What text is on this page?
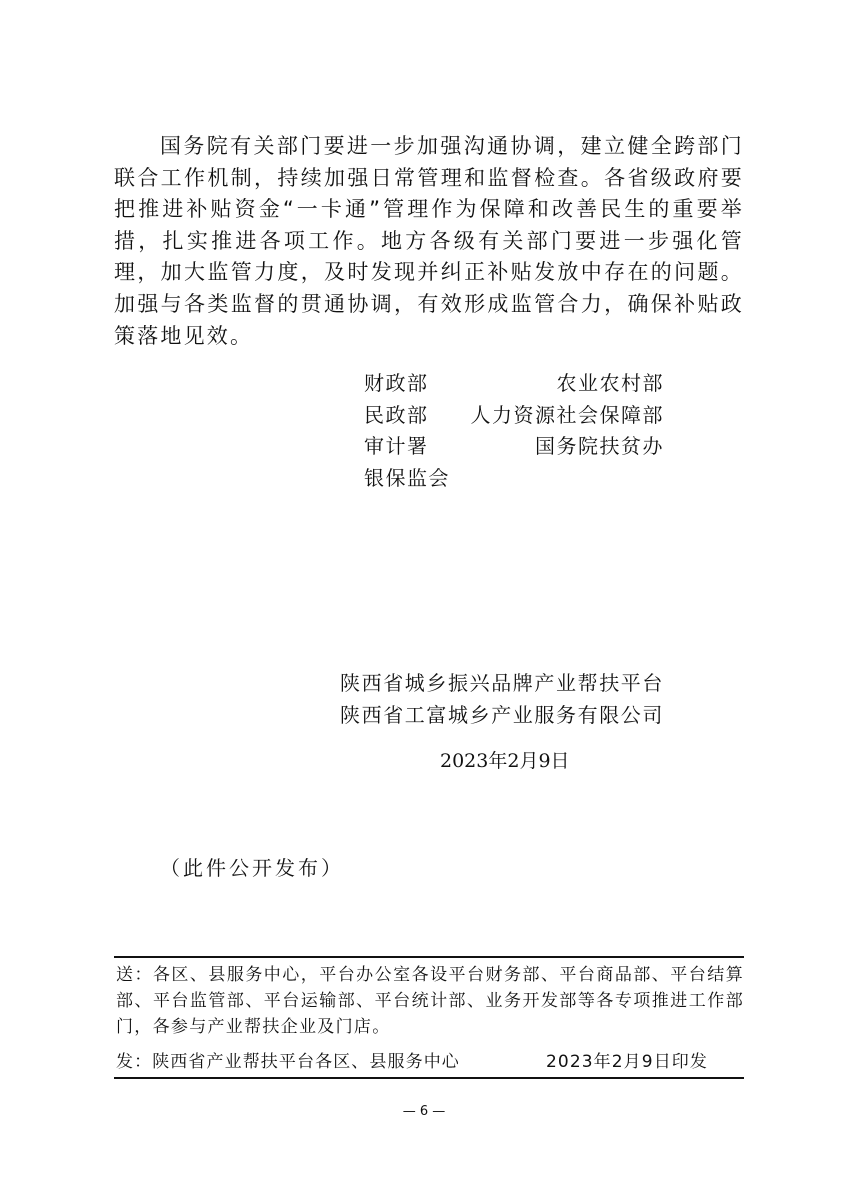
国务院有关部门要进一步加强沟通协调，建立健全跨部门联合工作机制，持续加强日常管理和监督检查。各省级政府要把推进补贴资金“一卡通”管理作为保障和改善民生的重要举措，扎实推进各项工作。地方各级有关部门要进一步强化管理，加大监管力度，及时发现并纠正补贴发放中存在的问题。加强与各类监督的贯通协调，有效形成监管合力，确保补贴政策落地见效。

财政部	农业农村部
民政部 人力资源社会保障部
审计署	国务院扶贫办
银保监会
陕西省城乡振兴品牌产业帮扶平台
陕西省工富城乡产业服务有限公司
2023年2月9日
（此件公开发布）
送：各区、县服务中心，平台办公室各设平台财务部、平台商品部、平台结算部、平台监管部、平台运输部、平台统计部、业务开发部等各专项推进工作部门，各参与产业帮扶企业及门店。
发：陕西省产业帮扶平台各区、县服务中心	2023年2月9日印发
— 6 —
